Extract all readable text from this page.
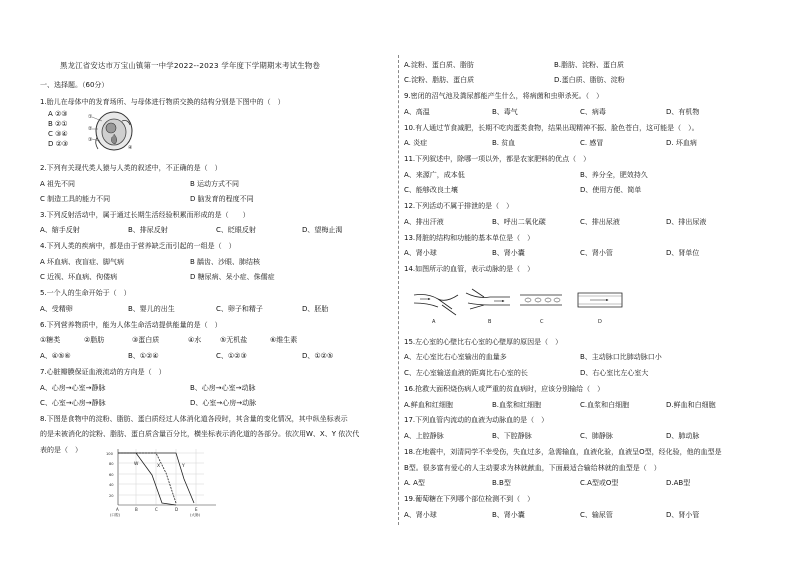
黑龙江省安达市万宝山镇第一中学2022--2023 学年度下学期期末考试生物卷
一、选择题。（60分）
1.胎儿在母体中的发育场所、与母体进行物质交换的结构分别是下图中的（　）
A ②③
B ②①
C ③④
D ②③
①
②
③
④
2.下列有关现代类人猿与人类的叙述中，不正确的是（　）
A 祖先不同	B 运动方式不同
C 制造工具的能力不同	D 脑发育的程度不同
3.下列反射活动中，属于通过长期生活经验积累而形成的是（　　）
A、缩手反射	B、排尿反射	C、眨眼反射	D、望梅止渴
4.下列人类的疾病中，都是由于营养缺乏而引起的一组是（　）
A 坏血病、夜盲症、脚气病	B 龋齿、沙眼、肺结核
C 近视、坏血病、佝偻病	D 糖尿病、呆小症、侏儒症
5.一个人的生命开始于（　）
A、受精卵	B、婴儿的出生	C、卵子和精子	D、胚胎
6.下列营养物质中，能为人体生命活动提供能量的是（　）
①糖类	②脂肪	③蛋白质	④水	⑤无机盐	⑥维生素
A、④⑤⑥	B、①②④	C、①②③	D、①②⑤
7.心脏瓣膜保证血液流动的方向是（　）
A、心房→心室→静脉	B、心房→心室→动脉
C、心室→心房→静脉	D、心室→心房→动脉
8.下图是食物中的淀粉、脂肪、蛋白质经过人体消化道各段时，其含量的变化情况，其中纵坐标表示
的是未被消化的淀粉、脂肪、蛋白质含量百分比，横坐标表示消化道的各部分。依次用W、X、Y 依次代
表的是（　）	100
80
60
40
20
W	X	Y
A	B	C	D	E
(口腔)	(大肠)
A.淀粉、蛋白质、脂肪	B.脂肪、淀粉、蛋白质
C.淀粉、脂肪、蛋白质	D.蛋白质、脂肪、淀粉
9.密闭的沼气池及粪尿都能产生什么，将病菌和虫卵杀死。（　）
A、高温	B、毒气	C、病毒	D、有机物
10.有人通过节食减肥，长期不吃肉蛋类食物，结果出现精神不振、脸色苍白，这可能是（　）。
A. 炎症	B. 贫血	C. 感冒	D. 坏血病
11.下列叙述中，除哪一项以外，都是农家肥料的优点（　）
A、来源广，成本低	B、养分全，肥效持久
C、能够改良土壤	D、使用方便、简单
12.下列活动不属于排泄的是（　）
A、排出汗液	B、呼出二氧化碳	C、排出尿液	D、排出尿液
13.肾脏的结构和功能的基本单位是（　）
A、肾小球	B、肾小囊	C、肾小管	D、肾单位
14.如图所示的血管，表示动脉的是（　）
A	B	C	D
15.左心室的心壁比右心室的心壁厚的原因是（　）
A、左心室比右心室输出的血量多	B、主动脉口比肺动脉口小
C、左心室输送血液的距离比右心室的长	D、右心室比左心室大
16.抢救大面积烧伤病人或严重的贫血病时，应该分别输给（　）
A.鲜血和红细胞	B.血浆和红细胞	C.血浆和白细胞	D.鲜血和白细胞
17.下列血管内流动的血液为动脉血的是（　）
A、上腔静脉	B、下腔静脉	C、肺静脉	D、肺动脉
18.在地震中，刘清同学不幸受伤，失血过多，急需输血，血液化验，血液呈O型，经化验，他的血型是
B型。很多富有爱心的人主动要求为林就献血，下面最适合输给林就的血型是（　）
A. A型	B.B型	C.A型或O型	D.AB型
19.葡萄糖在下列哪个部位检测不到（　）
A、肾小球	B、肾小囊	C、输尿管	D、肾小管
